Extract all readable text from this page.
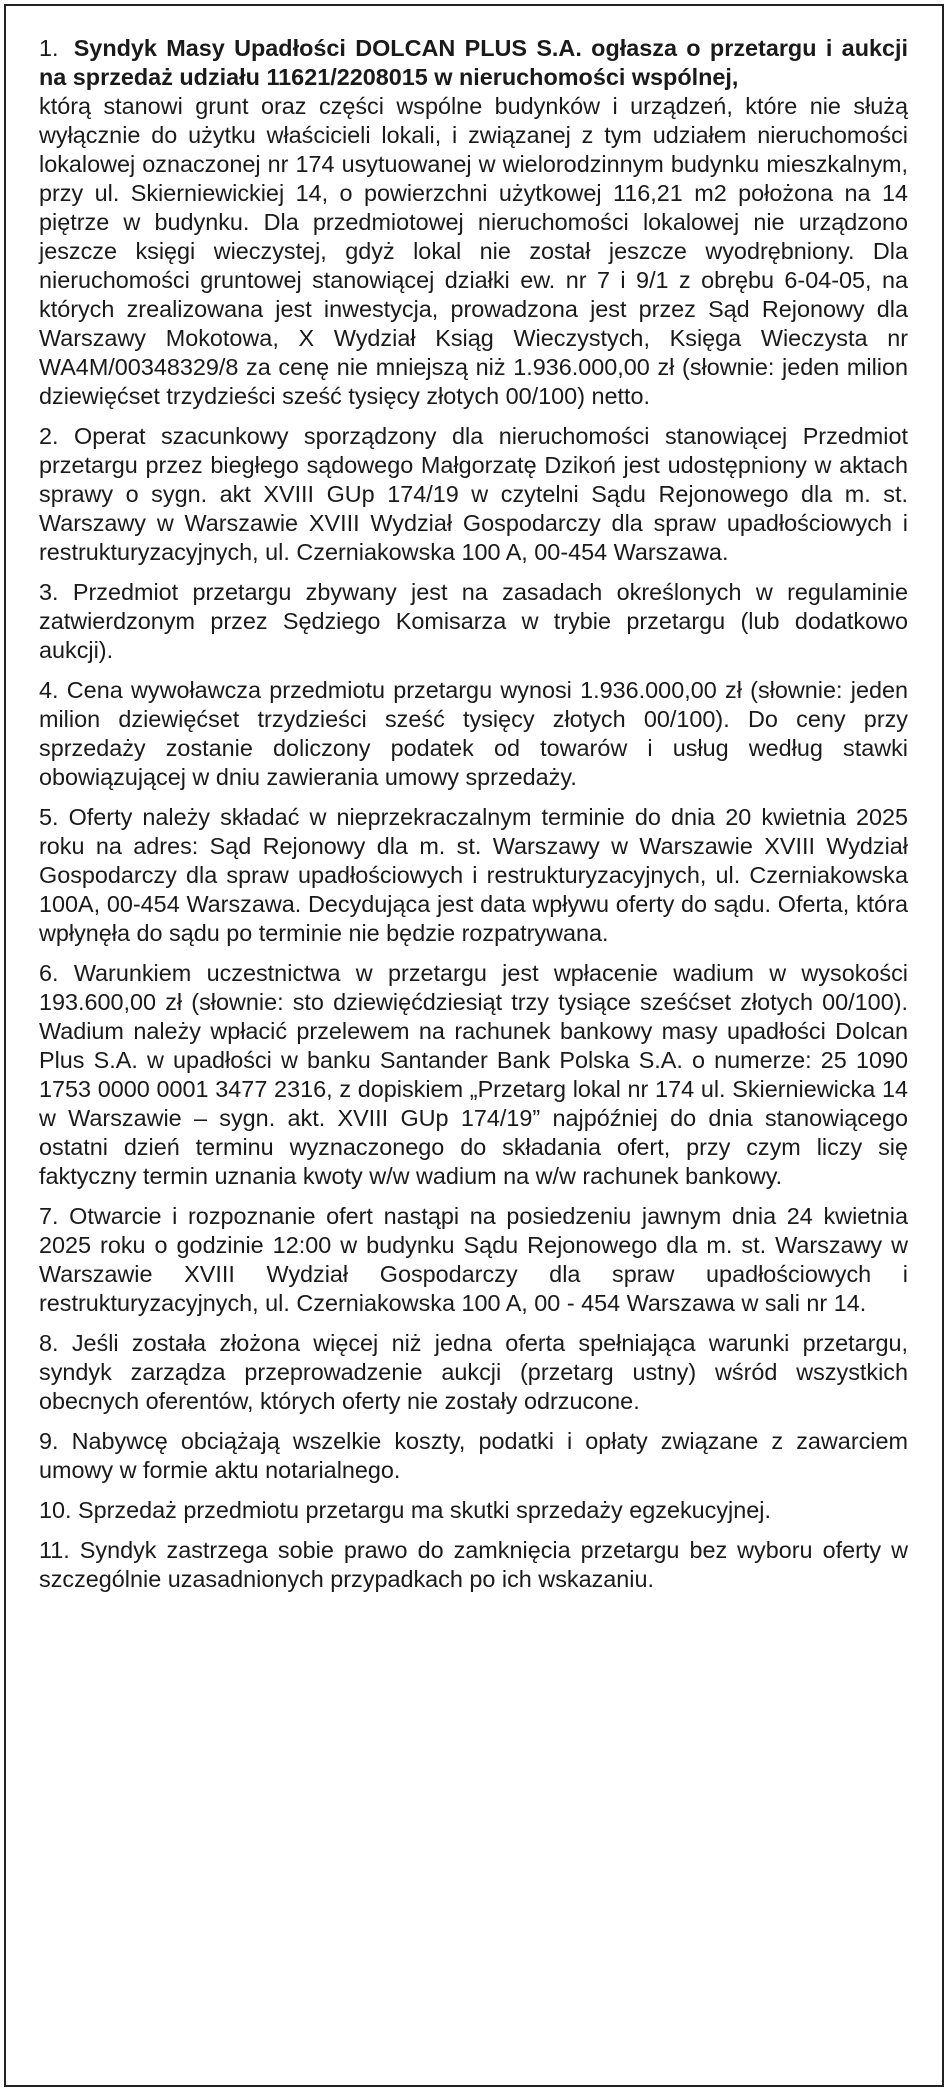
1. Syndyk Masy Upadłości DOLCAN PLUS S.A. ogłasza o przetargu i aukcji na sprzedaż udziału 11621/2208015 w nieruchomości wspólnej,
którą stanowi grunt oraz części wspólne budynków i urządzeń, które nie służą wyłącznie do użytku właścicieli lokali, i związanej z tym udziałem nieruchomości lokalowej oznaczonej nr 174 usytuowanej w wielorodzinnym budynku mieszkalnym, przy ul. Skierniewickiej 14, o powierzchni użytkowej 116,21 m2 położona na 14 piętrze w budynku. Dla przedmiotowej nieruchomości lokalowej nie urządzono jeszcze księgi wieczystej, gdyż lokal nie został jeszcze wyodrębniony. Dla nieruchomości gruntowej stanowiącej działki ew. nr 7 i 9/1 z obrębu 6-04-05, na których zrealizowana jest inwestycja, prowadzona jest przez Sąd Rejonowy dla Warszawy Mokotowa, X Wydział Ksiąg Wieczystych, Księga Wieczysta nr WA4M/00348329/8 za cenę nie mniejszą niż 1.936.000,00 zł (słownie: jeden milion dziewięćset trzydzieści sześć tysięcy złotych 00/100) netto.

2. Operat szacunkowy sporządzony dla nieruchomości stanowiącej Przedmiot przetargu przez biegłego sądowego Małgorzatę Dzikoń jest udostępniony w aktach sprawy o sygn. akt XVIII GUp 174/19 w czytelni Sądu Rejonowego dla m. st. Warszawy w Warszawie XVIII Wydział Gospodarczy dla spraw upadłościowych i restrukturyzacyjnych, ul. Czerniakowska 100 A, 00-454 Warszawa.

3. Przedmiot przetargu zbywany jest na zasadach określonych w regulaminie zatwierdzonym przez Sędziego Komisarza w trybie przetargu (lub dodatkowo aukcji).

4. Cena wywoławcza przedmiotu przetargu wynosi 1.936.000,00 zł (słownie: jeden milion dziewięćset trzydzieści sześć tysięcy złotych 00/100). Do ceny przy sprzedaży zostanie doliczony podatek od towarów i usług według stawki obowiązującej w dniu zawierania umowy sprzedaży.

5. Oferty należy składać w nieprzekraczalnym terminie do dnia 20 kwietnia 2025 roku na adres: Sąd Rejonowy dla m. st. Warszawy w Warszawie XVIII Wydział Gospodarczy dla spraw upadłościowych i restrukturyzacyjnych, ul. Czerniakowska 100A, 00-454 Warszawa. Decydująca jest data wpływu oferty do sądu. Oferta, która wpłynęła do sądu po terminie nie będzie rozpatrywana.

6. Warunkiem uczestnictwa w przetargu jest wpłacenie wadium w wysokości 193.600,00 zł (słownie: sto dziewięćdziesiąt trzy tysiące sześćset złotych 00/100). Wadium należy wpłacić przelewem na rachunek bankowy masy upadłości Dolcan Plus S.A. w upadłości w banku Santander Bank Polska S.A. o numerze: 25 1090 1753 0000 0001 3477 2316, z dopiskiem „Przetarg lokal nr 174 ul. Skierniewicka 14 w Warszawie – sygn. akt. XVIII GUp 174/19” najpóźniej do dnia stanowiącego ostatni dzień terminu wyznaczonego do składania ofert, przy czym liczy się faktyczny termin uznania kwoty w/w wadium na w/w rachunek bankowy.

7. Otwarcie i rozpoznanie ofert nastąpi na posiedzeniu jawnym dnia 24 kwietnia 2025 roku o godzinie 12:00 w budynku Sądu Rejonowego dla m. st. Warszawy w Warszawie XVIII Wydział Gospodarczy dla spraw upadłościowych i restrukturyzacyjnych, ul. Czerniakowska 100 A, 00 - 454 Warszawa w sali nr 14.

8. Jeśli została złożona więcej niż jedna oferta spełniająca warunki przetargu, syndyk zarządza przeprowadzenie aukcji (przetarg ustny) wśród wszystkich obecnych oferentów, których oferty nie zostały odrzucone.

9. Nabywcę obciążają wszelkie koszty, podatki i opłaty związane z zawarciem umowy w formie aktu notarialnego.

10. Sprzedaż przedmiotu przetargu ma skutki sprzedaży egzekucyjnej.

11. Syndyk zastrzega sobie prawo do zamknięcia przetargu bez wyboru oferty w szczególnie uzasadnionych przypadkach po ich wskazaniu.
